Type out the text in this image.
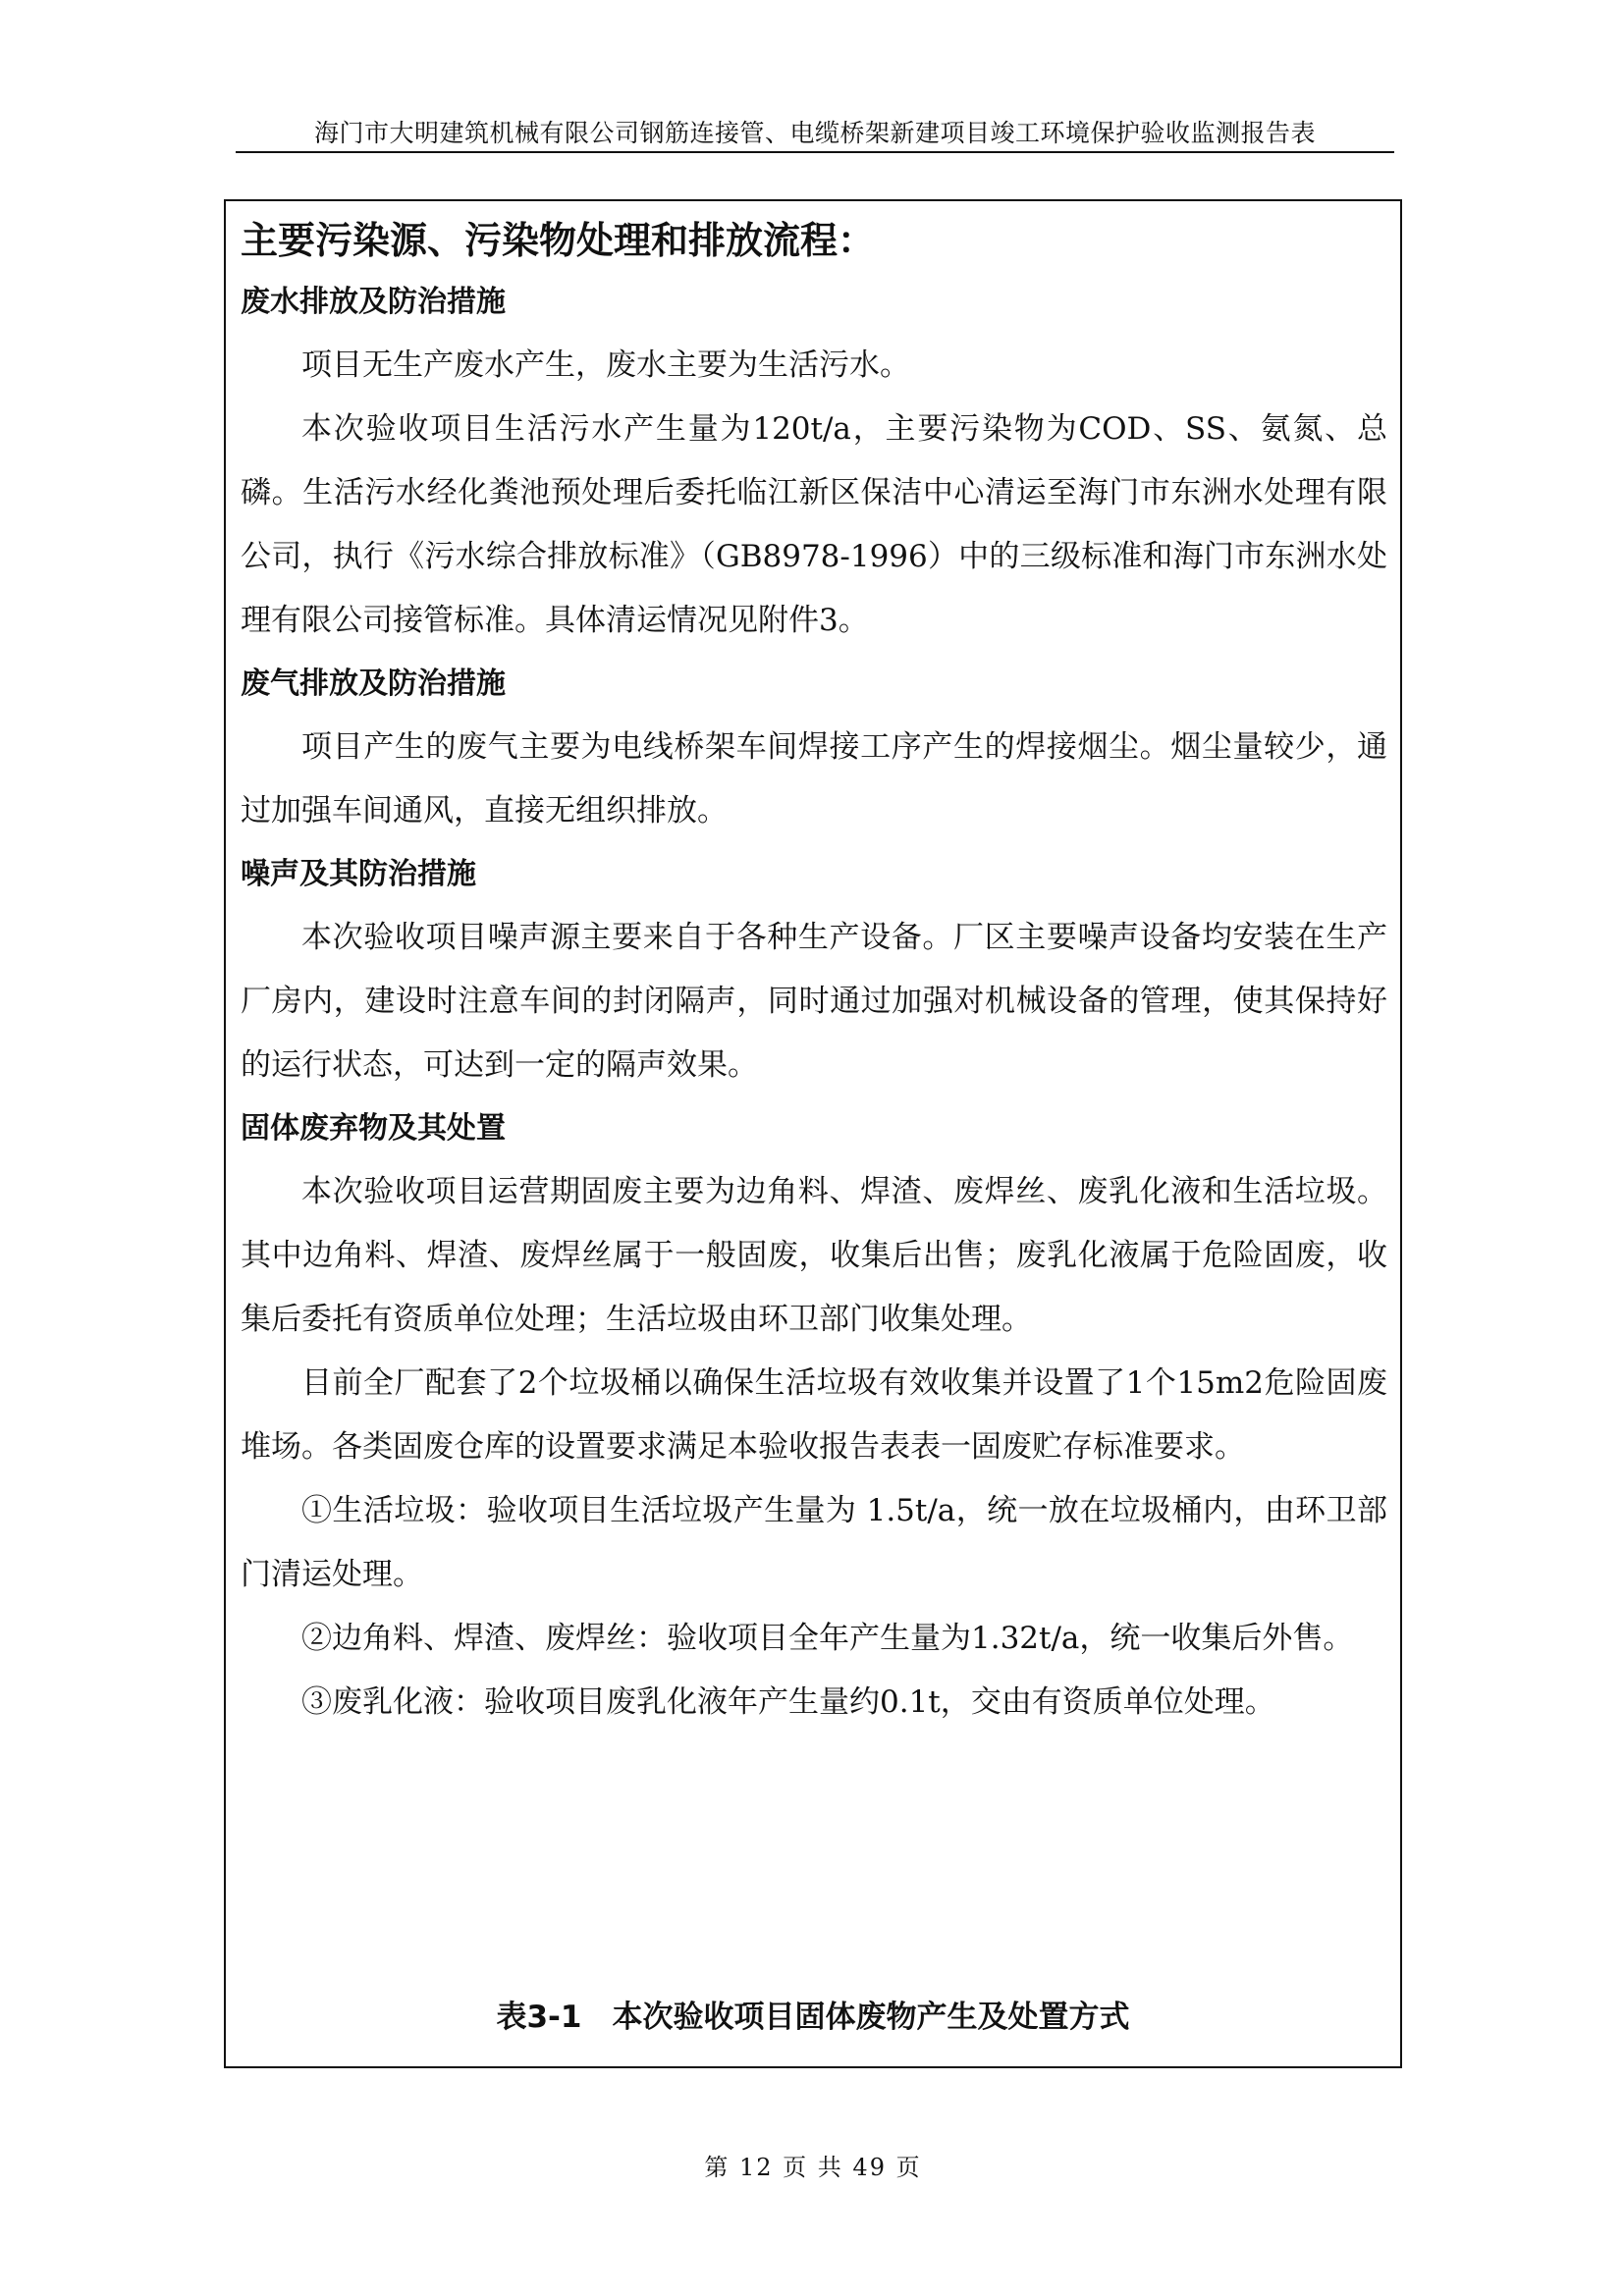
海门市大明建筑机械有限公司钢筋连接管、电缆桥架新建项目竣工环境保护验收监测报告表
主要污染源、污染物处理和排放流程：
废水排放及防治措施

项目无生产废水产生，废水主要为生活污水。

本次验收项目生活污水产生量为120t/a，主要污染物为COD、SS、氨氮、总磷。生活污水经化粪池预处理后委托临江新区保洁中心清运至海门市东洲水处理有限公司，执行《污水综合排放标准》（GB8978-1996）中的三级标准和海门市东洲水处理有限公司接管标准。具体清运情况见附件3。

废气排放及防治措施

项目产生的废气主要为电线桥架车间焊接工序产生的焊接烟尘。烟尘量较少，通过加强车间通风，直接无组织排放。

噪声及其防治措施

本次验收项目噪声源主要来自于各种生产设备。厂区主要噪声设备均安装在生产厂房内，建设时注意车间的封闭隔声，同时通过加强对机械设备的管理，使其保持好的运行状态，可达到一定的隔声效果。

固体废弃物及其处置

本次验收项目运营期固废主要为边角料、焊渣、废焊丝、废乳化液和生活垃圾。其中边角料、焊渣、废焊丝属于一般固废，收集后出售；废乳化液属于危险固废，收集后委托有资质单位处理；生活垃圾由环卫部门收集处理。

目前全厂配套了2个垃圾桶以确保生活垃圾有效收集并设置了1个15m2危险固废堆场。各类固废仓库的设置要求满足本验收报告表表一固废贮存标准要求。

①生活垃圾：验收项目生活垃圾产生量为 1.5t/a，统一放在垃圾桶内，由环卫部门清运处理。

②边角料、焊渣、废焊丝：验收项目全年产生量为1.32t/a，统一收集后外售。

③废乳化液：验收项目废乳化液年产生量约0.1t，交由有资质单位处理。

表3-1　本次验收项目固体废物产生及处置方式
第 12 页 共 49 页
